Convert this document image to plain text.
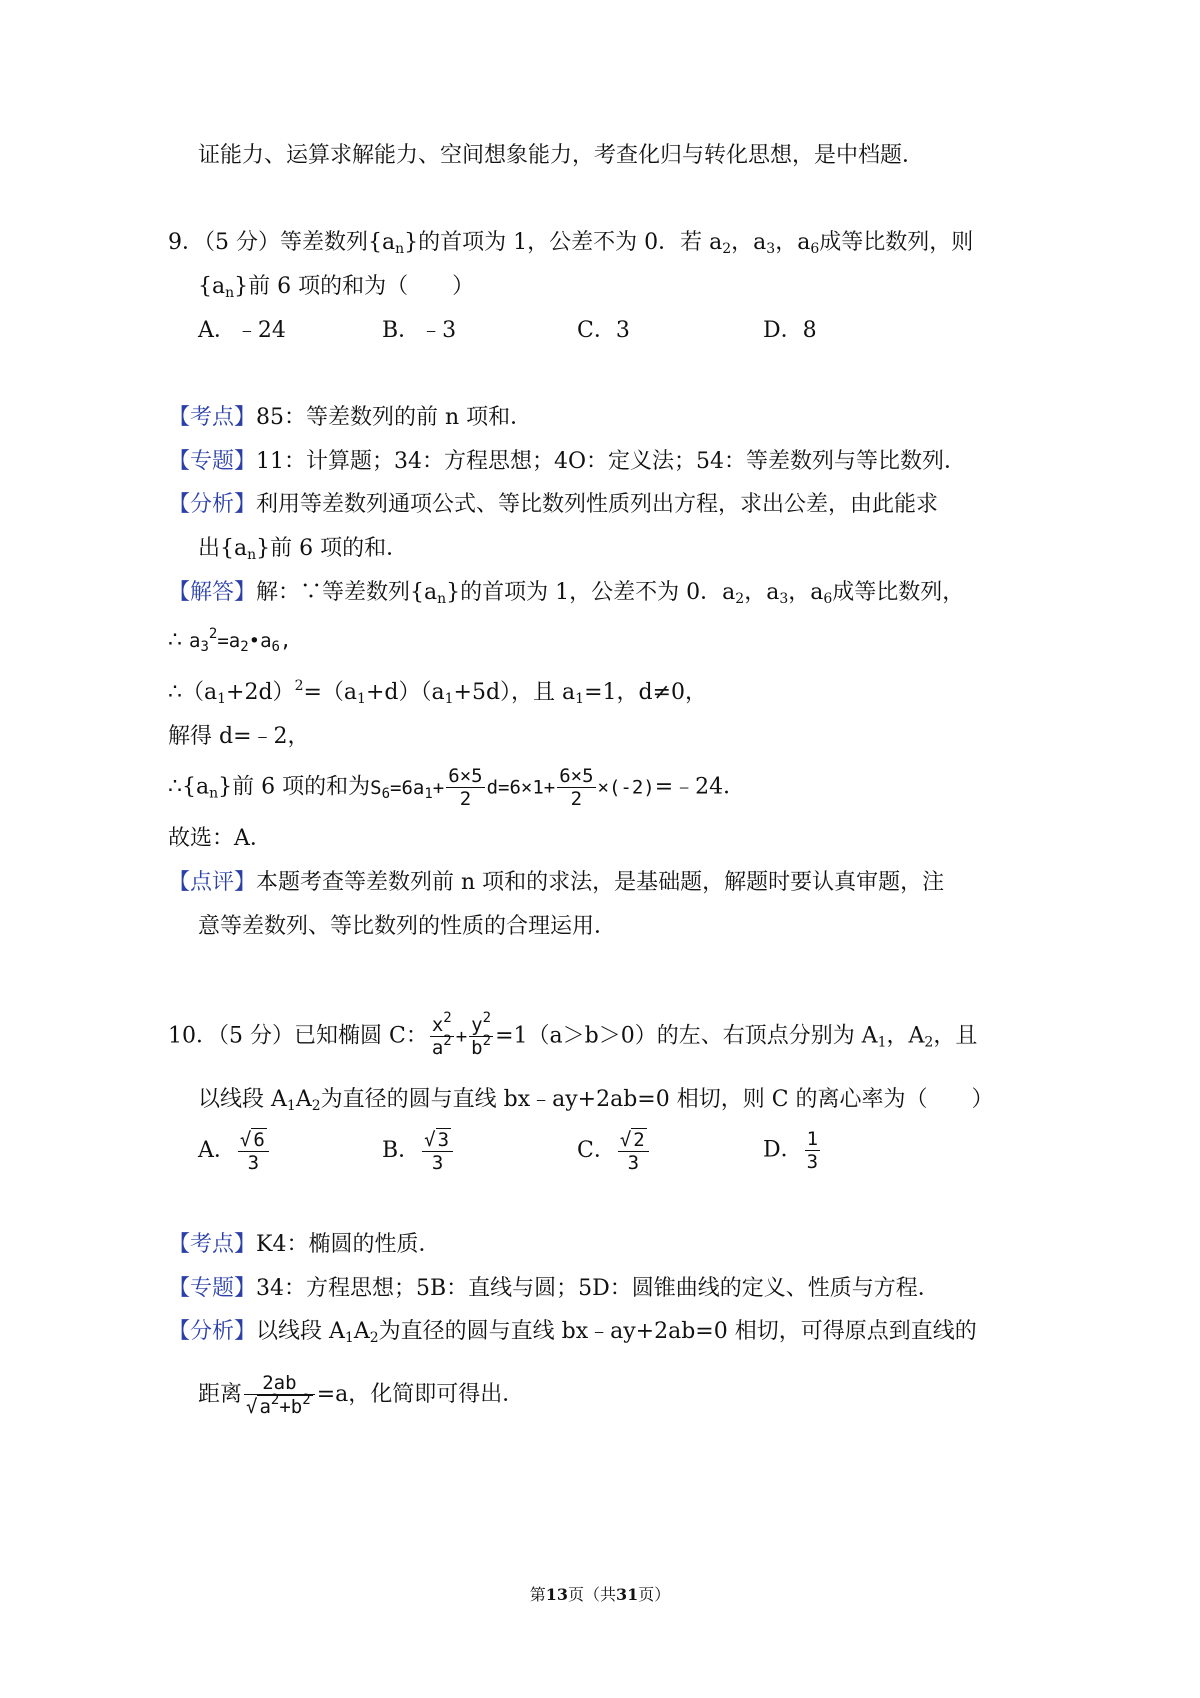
证能力、运算求解能力、空间想象能力，考查化归与转化思想，是中档题．
9．（5 分）等差数列$\{a_n\}$的首项为 1，公差不为 0．若 $a_2$，$a_3$，$a_6$成等比数列，则
$\{a_n\}$前 6 项的和为（　　）
A．﹣24	B．﹣3	C．3	D．8
【考点】85：等差数列的前 n 项和．
【专题】11：计算题；34：方程思想；4O：定义法；54：等差数列与等比数列．
【分析】利用等差数列通项公式、等比数列性质列出方程，求出公差，由此能求
出$\{a_n\}$前 6 项的和．
【解答】解：∵等差数列$\{a_n\}$的首项为 1，公差不为 0．$a_2$，$a_3$，$a_6$成等比数列，
∴ $a_3^2=a_2•a_6$,
$\therefore(a_1+2d)^2=(a_1+d)(a_1+5d)$，且 $a_1=1$，d≠0，
解得 d=﹣2，
$\therefore\{a_n\}$前 6 项的和为$S_6=6a_1+ \frac{6\times 5}{2} d=6\times 1+ \frac{6\times 5}{2}$ ×(-2)=﹣24．
故选：A．
【点评】本题考查等差数列前 n 项和的求法，是基础题，解题时要认真审题，注
意等差数列、等比数列的性质的合理运用．
10．（5 分）已知椭圆 C： $\frac{x^2}{a^2} + \frac{y^2}{b^2} =1(a>b>0)$的左、右顶点分别为 $A_1$，$A_2$，且
以线段 $A_1A_2$为直径的圆与直线 bx﹣ay+2ab=0 相切，则 C 的离心率为（　　）
A． $\frac{√ 6}{3}$	B． $\frac{√ 3}{3}$	C． $\frac{√ 2}{3}$	D． $\frac{1}{3}$
【考点】K4：椭圆的性质．
【专题】34：方程思想；5B：直线与圆；5D：圆锥曲线的定义、性质与方程．
【分析】以线段 $A_1A_2$为直径的圆与直线 bx﹣ay+2ab=0 相切，可得原点到直线的
距离 $\frac{2ab}{√ a^2+b^2} =a$，化简即可得出．
第13页（共31页）
